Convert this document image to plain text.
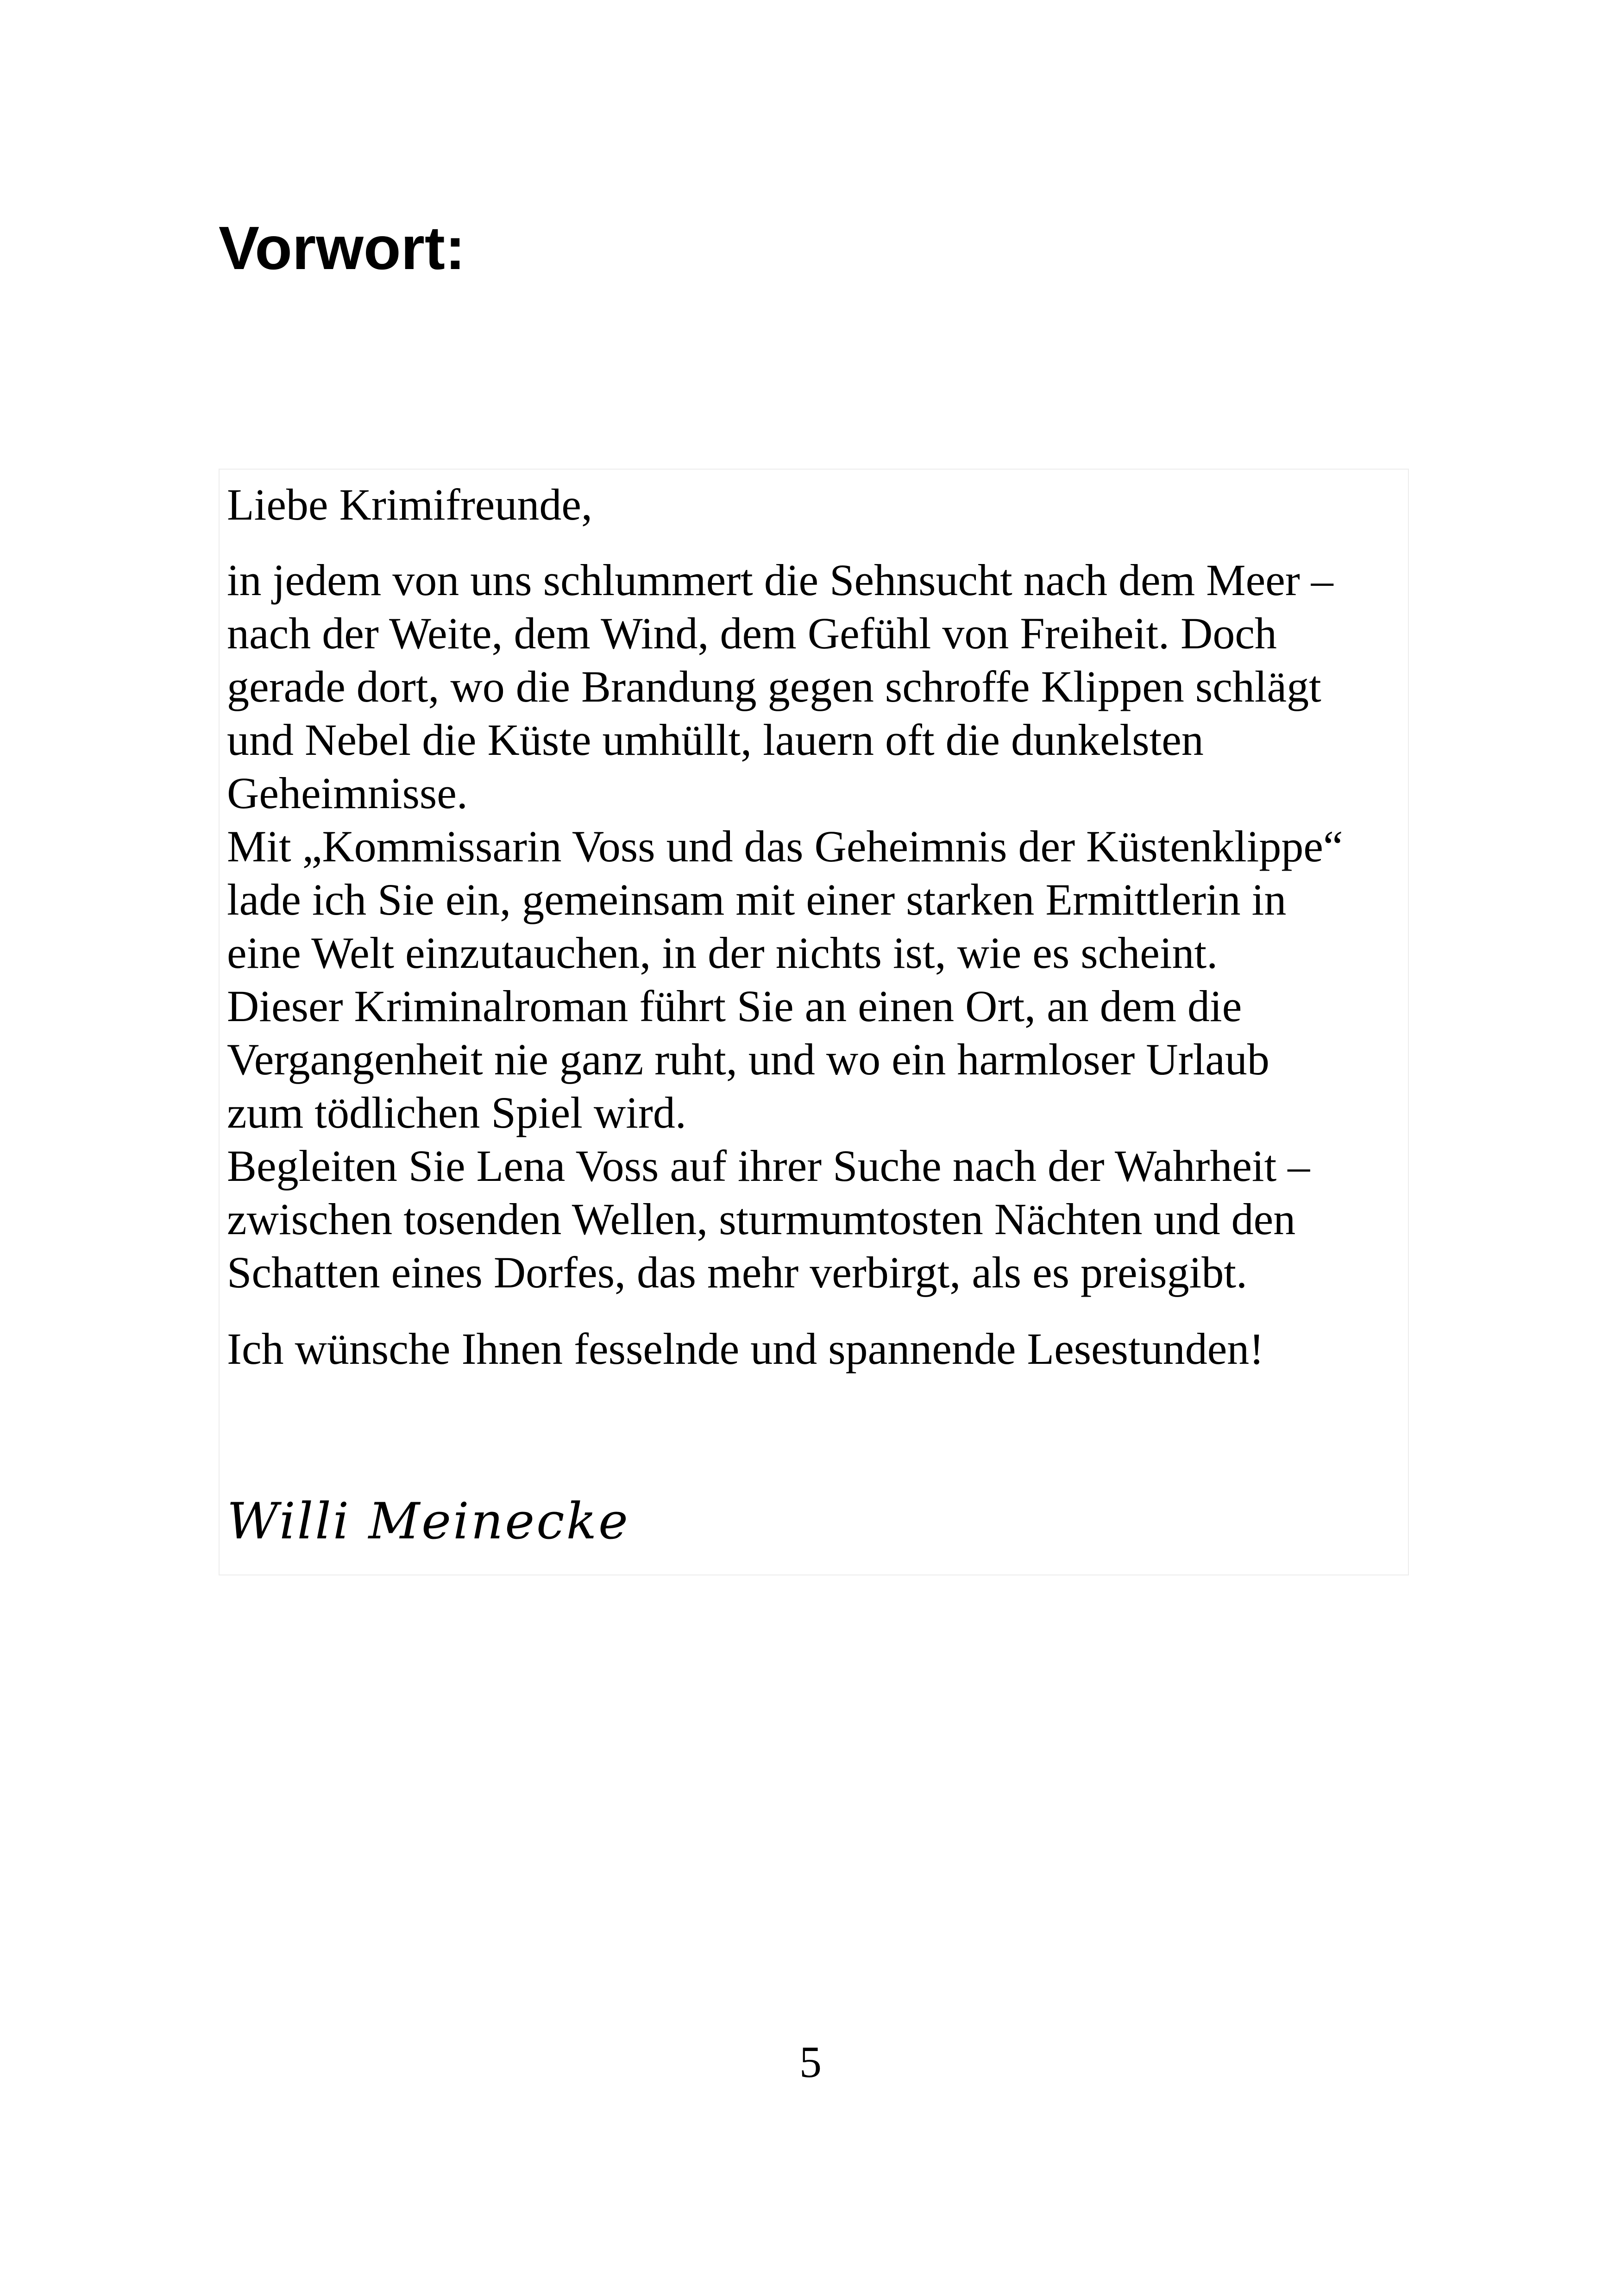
Vorwort:

Liebe Krimifreunde,

in jedem von uns schlummert die Sehnsucht nach dem Meer –
nach der Weite, dem Wind, dem Gefühl von Freiheit. Doch
gerade dort, wo die Brandung gegen schroffe Klippen schlägt
und Nebel die Küste umhüllt, lauern oft die dunkelsten
Geheimnisse.
Mit „Kommissarin Voss und das Geheimnis der Küstenklippe“
lade ich Sie ein, gemeinsam mit einer starken Ermittlerin in
eine Welt einzutauchen, in der nichts ist, wie es scheint.
Dieser Kriminalroman führt Sie an einen Ort, an dem die
Vergangenheit nie ganz ruht, und wo ein harmloser Urlaub
zum tödlichen Spiel wird.
Begleiten Sie Lena Voss auf ihrer Suche nach der Wahrheit –
zwischen tosenden Wellen, sturmumtosten Nächten und den
Schatten eines Dorfes, das mehr verbirgt, als es preisgibt.

Ich wünsche Ihnen fesselnde und spannende Lesestunden!

Willi Meinecke

5
